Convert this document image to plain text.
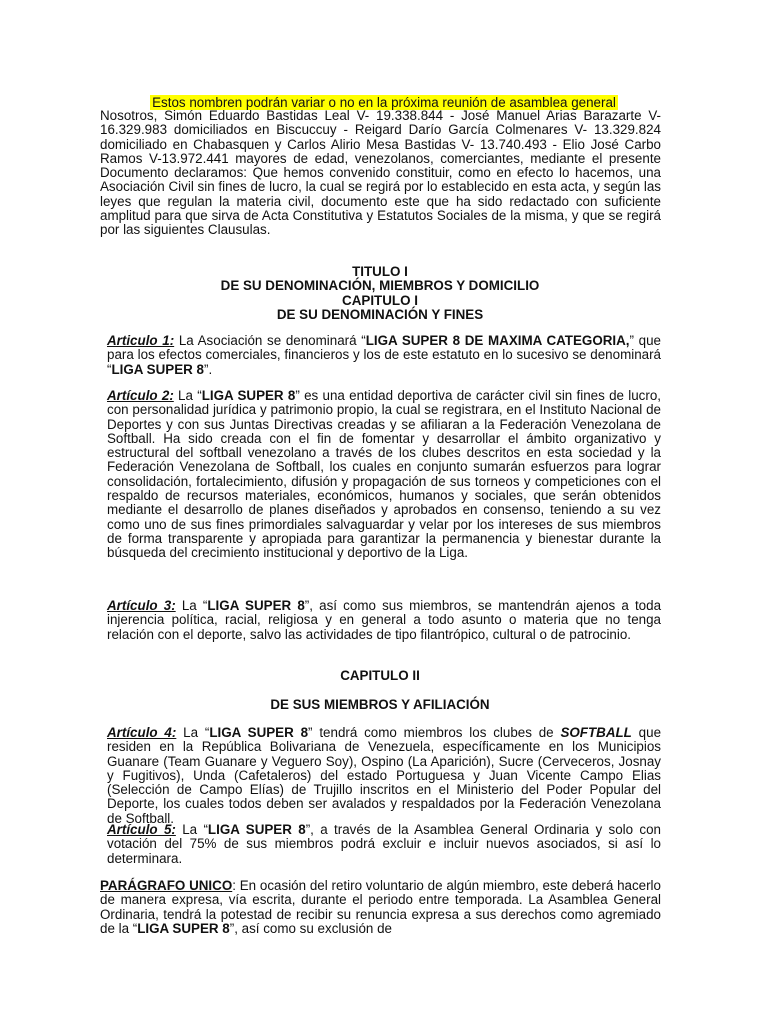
Estos nombren podrán variar o no en la próxima reunión de asamblea general

Nosotros, Simón Eduardo Bastidas Leal V- 19.338.844 - José Manuel Arias Barazarte V- 16.329.983 domiciliados en Biscuccuy - Reigard Darío García Colmenares V- 13.329.824 domiciliado en Chabasquen y Carlos Alirio Mesa Bastidas V- 13.740.493 - Elio José Carbo Ramos V-13.972.441 mayores de edad, venezolanos, comerciantes, mediante el presente Documento declaramos: Que hemos convenido constituir, como en efecto lo hacemos, una Asociación Civil sin fines de lucro, la cual se regirá por lo establecido en esta acta, y según las leyes que regulan la materia civil, documento este que ha sido redactado con suficiente amplitud para que sirva de Acta Constitutiva y Estatutos Sociales de la misma, y que se regirá por las siguientes Clausulas.

TITULO I
DE SU DENOMINACIÓN, MIEMBROS Y DOMICILIO
CAPITULO I
DE SU DENOMINACIÓN Y FINES

Articulo 1: La Asociación se denominará “LIGA SUPER 8 DE MAXIMA CATEGORIA,” que para los efectos comerciales, financieros y los de este estatuto en lo sucesivo se denominará “LIGA SUPER 8”.

Artículo 2: La “LIGA SUPER 8” es una entidad deportiva de carácter civil sin fines de lucro, con personalidad jurídica y patrimonio propio, la cual se registrara, en el Instituto Nacional de Deportes y con sus Juntas Directivas creadas y se afiliaran a la Federación Venezolana de Softball. Ha sido creada con el fin de fomentar y desarrollar el ámbito organizativo y estructural del softball venezolano a través de los clubes descritos en esta sociedad y la Federación Venezolana de Softball, los cuales en conjunto sumarán esfuerzos para lograr consolidación, fortalecimiento, difusión y propagación de sus torneos y competiciones con el respaldo de recursos materiales, económicos, humanos y sociales, que serán obtenidos mediante el desarrollo de planes diseñados y aprobados en consenso, teniendo a su vez como uno de sus fines primordiales salvaguardar y velar por los intereses de sus miembros de forma transparente y apropiada para garantizar la permanencia y bienestar durante la búsqueda del crecimiento institucional y deportivo de la Liga.

Artículo 3: La “LIGA SUPER 8”, así como sus miembros, se mantendrán ajenos a toda injerencia política, racial, religiosa y en general a todo asunto o materia que no tenga relación con el deporte, salvo las actividades de tipo filantrópico, cultural o de patrocinio.

CAPITULO II
DE SUS MIEMBROS Y AFILIACIÓN

Artículo 4: La “LIGA SUPER 8” tendrá como miembros los clubes de SOFTBALL que residen en la República Bolivariana de Venezuela, específicamente en los Municipios Guanare (Team Guanare y Veguero Soy), Ospino (La Aparición), Sucre (Cerveceros, Josnay y Fugitivos), Unda (Cafetaleros) del estado Portuguesa y Juan Vicente Campo Elias (Selección de Campo Elías) de Trujillo inscritos en el Ministerio del Poder Popular del Deporte, los cuales todos deben ser avalados y respaldados por la Federación Venezolana de Softball.

Artículo 5: La “LIGA SUPER 8”, a través de la Asamblea General Ordinaria y solo con votación del 75% de sus miembros podrá excluir e incluir nuevos asociados, si así lo determinara.

PARÁGRAFO UNICO: En ocasión del retiro voluntario de algún miembro, este deberá hacerlo de manera expresa, vía escrita, durante el periodo entre temporada. La Asamblea General Ordinaria, tendrá la potestad de recibir su renuncia expresa a sus derechos como agremiado de la “LIGA SUPER 8”, así como su exclusión de
